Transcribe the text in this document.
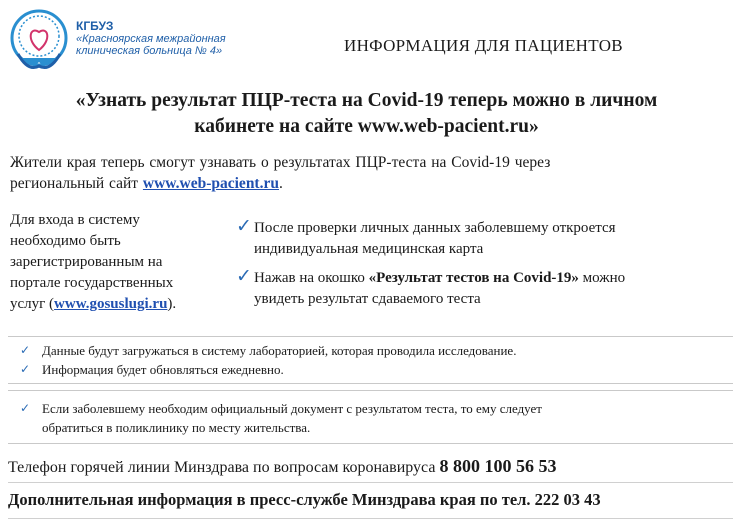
КГБУЗ
«Красноярская межрайонная
клиническая больница № 4»	ИНФОРМАЦИЯ ДЛЯ ПАЦИЕНТОВ
«Узнать результат ПЦР-теста на Covid-19 теперь можно в личном
кабинете на сайте www.web-pacient.ru»
Жители края теперь смогут узнавать о результатах ПЦР-теста на Covid-19 через
региональный сайт www.web-pacient.ru.
Для входа в систему
необходимо быть
зарегистрированным на
портале государственных
услуг (www.gosuslugi.ru).
✓ После проверки личных данных заболевшему откроется
индивидуальная медицинская карта
✓ Нажав на окошко «Результат тестов на Covid-19» можно
увидеть результат сдаваемого теста
✓ Данные будут загружаться в систему лабораторией, которая проводила исследование.
✓ Информация будет обновляться ежедневно.
✓ Если заболевшему необходим официальный документ с результатом теста, то ему следует
обратиться в поликлинику по месту жительства.
Телефон горячей линии Минздрава по вопросам коронавируса 8 800 100 56 53
Дополнительная информация в пресс-службе Минздрава края по тел. 222 03 43
